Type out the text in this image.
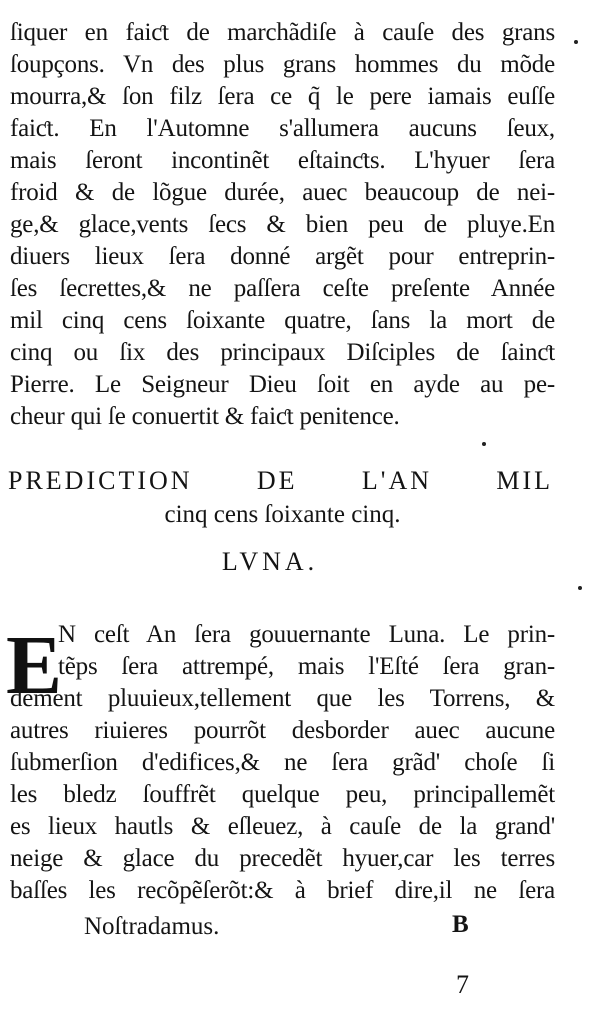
ſiquer en faiƈt de marchãdiſe à cauſe des grans
ſoupçons. Vn des plus grans hommes du mõde
mourra,& ſon filz ſera ce q̃ le pere iamais euſſe
faiƈt. En l'Automne s'allumera aucuns ſeux,
mais ſeront incontinẽt eſtainƈts. L'hyuer ſera
froid & de lõgue durée, auec beaucoup de nei-
ge,& glace,vents ſecs & bien peu de pluye.En
diuers lieux ſera donné argẽt pour entreprin-
ſes ſecrettes,& ne paſſera ceſte preſente Année
mil cinq cens ſoixante quatre, ſans la mort de
cinq ou ſix des principaux Diſciples de ſainƈt
Pierre. Le Seigneur Dieu ſoit en ayde au pe-
cheur qui ſe conuertit & faiƈt penitence.
PREDICTION DE L'AN MIL
cinq cens ſoixante cinq.
LVNA.
E
N ceſt An ſera gouuernante Luna. Le prin-
tẽps ſera attrempé, mais l'Eſté ſera gran-
dement pluuieux,tellement que les Torrens, &
autres riuieres pourrõt desborder auec aucune
ſubmerſion d'edifices,& ne ſera grãd' choſe ſi
les bledz ſouffrẽt quelque peu, principallemẽt
es lieux hautls & eſleuez, à cauſe de la grand'
neige & glace du precedẽt hyuer,car les terres
baſſes les recõpẽſerõt:& à brief dire,il ne ſera
Noſtradamus.	B
7
